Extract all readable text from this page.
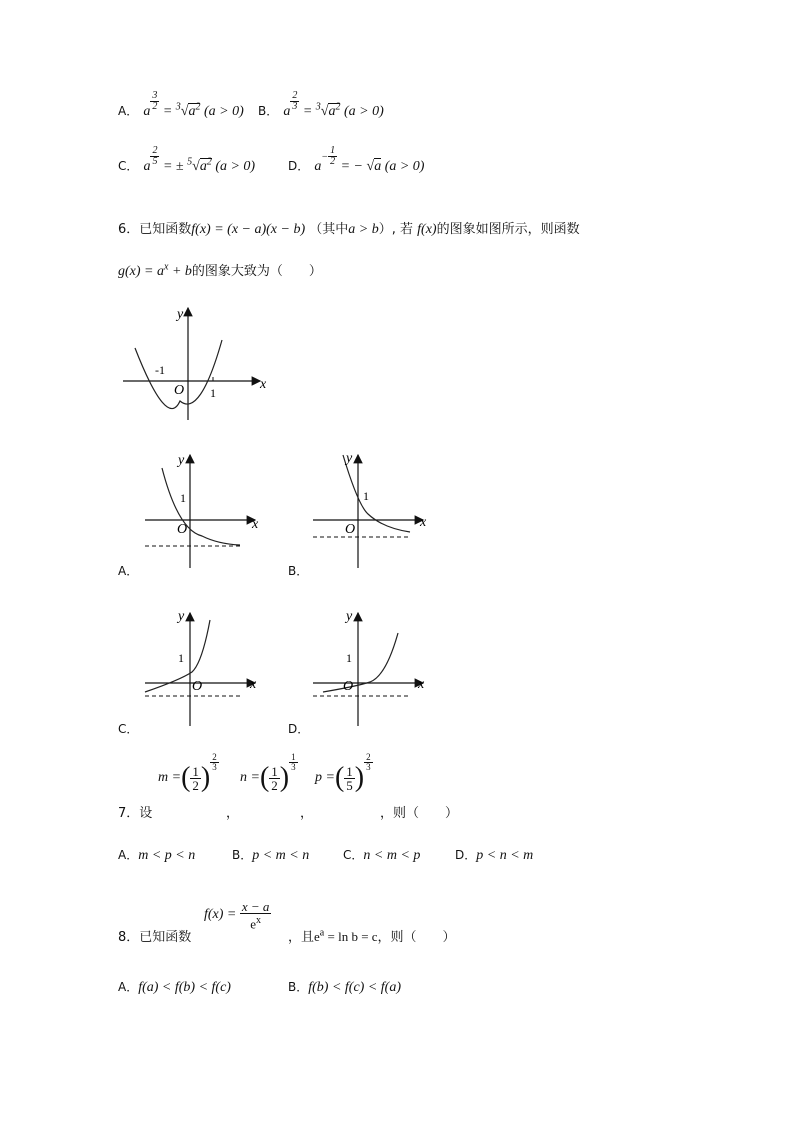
A． a $\frac{3}{2} = ^3√a^2$ (a > 0) B． a $\frac{2}{3} = ^3√a^2$ (a > 0)
C． a $\frac{2}{5}$ = ± $^5√a^2$ (a > 0)	D． $a- \frac{1}{2}$ = − √a (a > 0)
6．已知函数f(x) = (x − a)(x − b) （其中a > b）, 若 f(x)的图象如图所示，则函数
$g(x) = a^x + b$的图象大致为（　　）
y
x
O
-1
1
y
x
O
1
A．
y
x
O
1
B．
y
x
O
1
C．
y
x
O
1
D．
7．设
m =( $\frac{1}{2}$ ) $\frac{2}{3}$
，
n =( $\frac{1}{2}$ ) $\frac{1}{3}$
，
p =( $\frac{1}{5}$ ) $\frac{2}{3}$
，则（　　）
A．m < p < n	B．p < m < n	C．n < m < p	D．p < n < m
8．已知函数
$f(x) = \frac{x - a}{e^x}$
，且$e^a = \ln b = c$，则（　　）
A．f(a) < f(b) < f(c)	B．f(b) < f(c) < f(a)
